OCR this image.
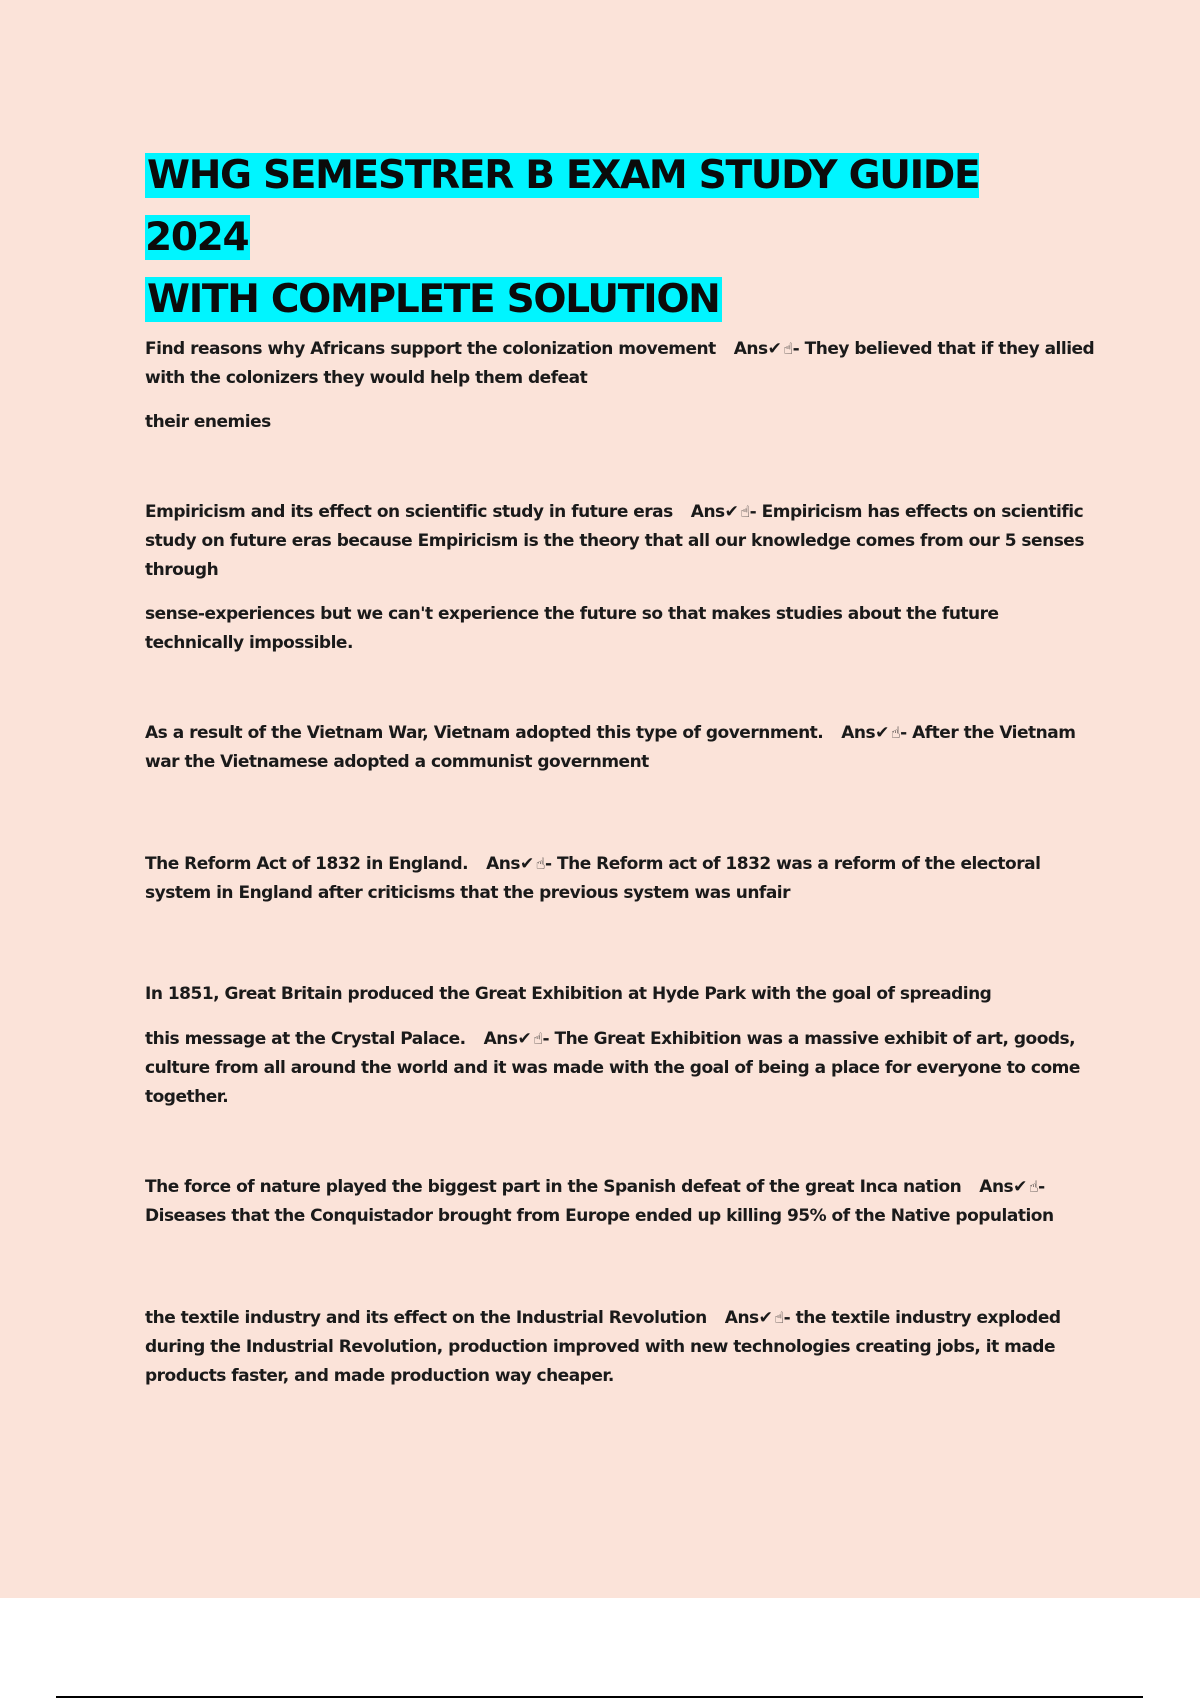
WHG SEMESTRER B EXAM STUDY GUIDE 2024
WITH COMPLETE SOLUTION

Find reasons why Africans support the colonization movement Ans✔ ☝- They believed that if they allied with the colonizers they would help them defeat

their enemies

Empiricism and its effect on scientific study in future eras Ans✔ ☝- Empiricism has effects on scientific study on future eras because Empiricism is the theory that all our knowledge comes from our 5 senses through

sense-experiences but we can't experience the future so that makes studies about the future technically impossible.

As a result of the Vietnam War, Vietnam adopted this type of government. Ans✔ ☝- After the Vietnam war the Vietnamese adopted a communist government

The Reform Act of 1832 in England. Ans✔ ☝- The Reform act of 1832 was a reform of the electoral system in England after criticisms that the previous system was unfair

In 1851, Great Britain produced the Great Exhibition at Hyde Park with the goal of spreading

this message at the Crystal Palace. Ans✔ ☝- The Great Exhibition was a massive exhibit of art, goods, culture from all around the world and it was made with the goal of being a place for everyone to come together.

The force of nature played the biggest part in the Spanish defeat of the great Inca nation Ans✔ ☝- Diseases that the Conquistador brought from Europe ended up killing 95% of the Native population

the textile industry and its effect on the Industrial Revolution Ans✔ ☝- the textile industry exploded during the Industrial Revolution, production improved with new technologies creating jobs, it made products faster, and made production way cheaper.
